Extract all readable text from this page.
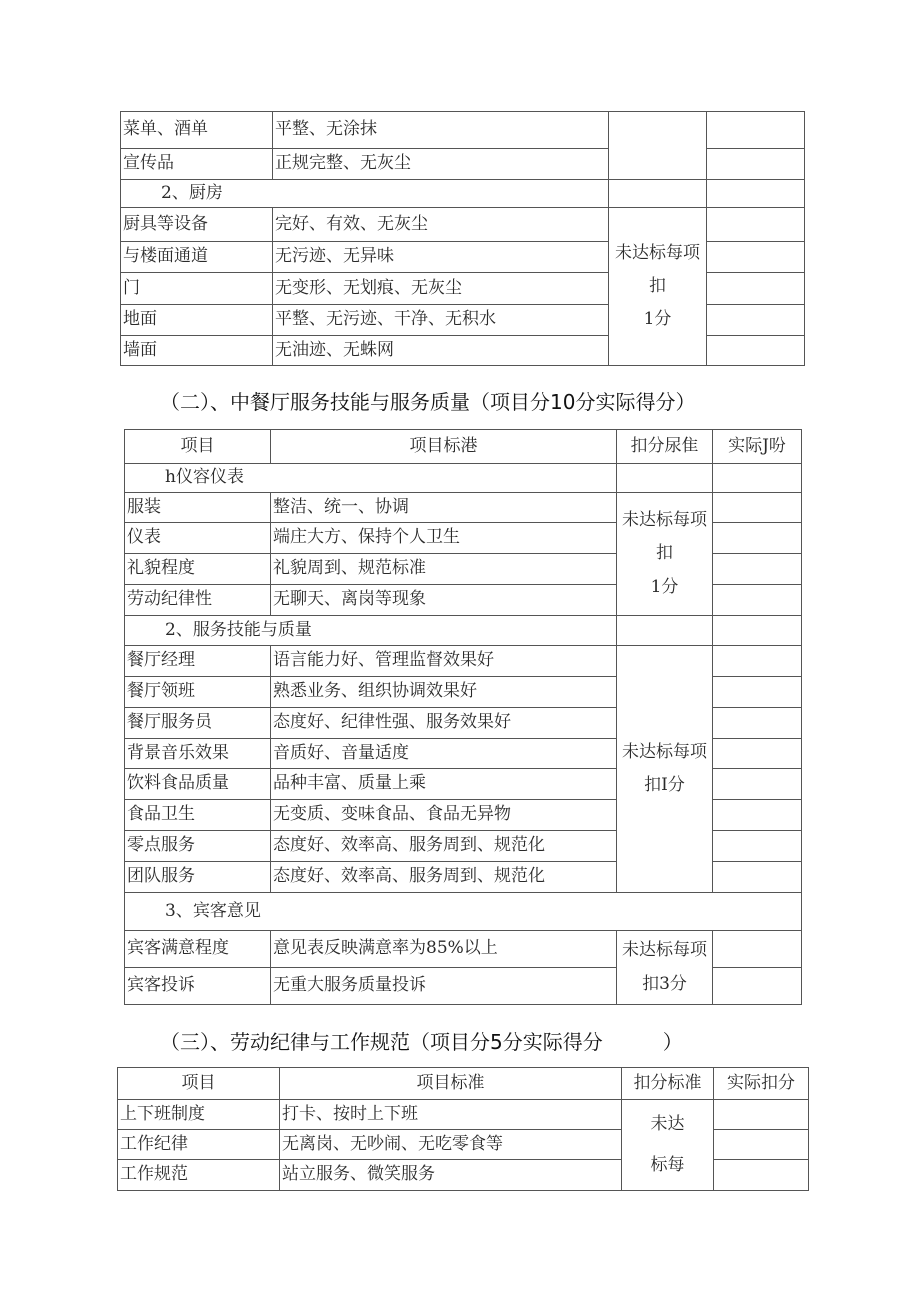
菜单、酒单	平整、无涂抹		
宣传品	正规完整、无灰尘		
2、厨房			
厨具等设备	完好、有效、无灰尘	未达标每项
扣
1分	
与楼面通道	无污迹、无异味		
门	无变形、无划痕、无灰尘		
地面	平整、无污迹、干净、无积水		
墙面	无油迹、无蛛网		
（二）、中餐厅服务技能与服务质量（项目分10分实际得分）
项目	项目标港	扣分尿隹	实际J吩
h仪容仪表			
服装	整洁、统一、协调	未达标每项
扣
1分	
仪表	端庄大方、保持个人卫生		
礼貌程度	礼貌周到、规范标准		
劳动纪律性	无聊天、离岗等现象		
2、服务技能与质量			
餐厅经理	语言能力好、管理监督效果好	未达标每项
扣I分	
餐厅领班	熟悉业务、组织协调效果好		
餐厅服务员	态度好、纪律性强、服务效果好		
背景音乐效果	音质好、音量适度		
饮料食品质量	品种丰富、质量上乘		
食品卫生	无变质、变味食品、食品无异物		
零点服务	态度好、效率高、服务周到、规范化		
团队服务	态度好、效率高、服务周到、规范化		
3、宾客意见			
宾客满意程度	意见表反映满意率为85%以上	未达标每项
扣3分	
宾客投诉	无重大服务质量投诉		
（三）、劳动纪律与工作规范（项目分5分实际得分　　　）
项目	项目标准	扣分标准	实际扣分
上下班制度	打卡、按时上下班	未达
标每	
工作纪律	无离岗、无吵闹、无吃零食等		
工作规范	站立服务、微笑服务		
